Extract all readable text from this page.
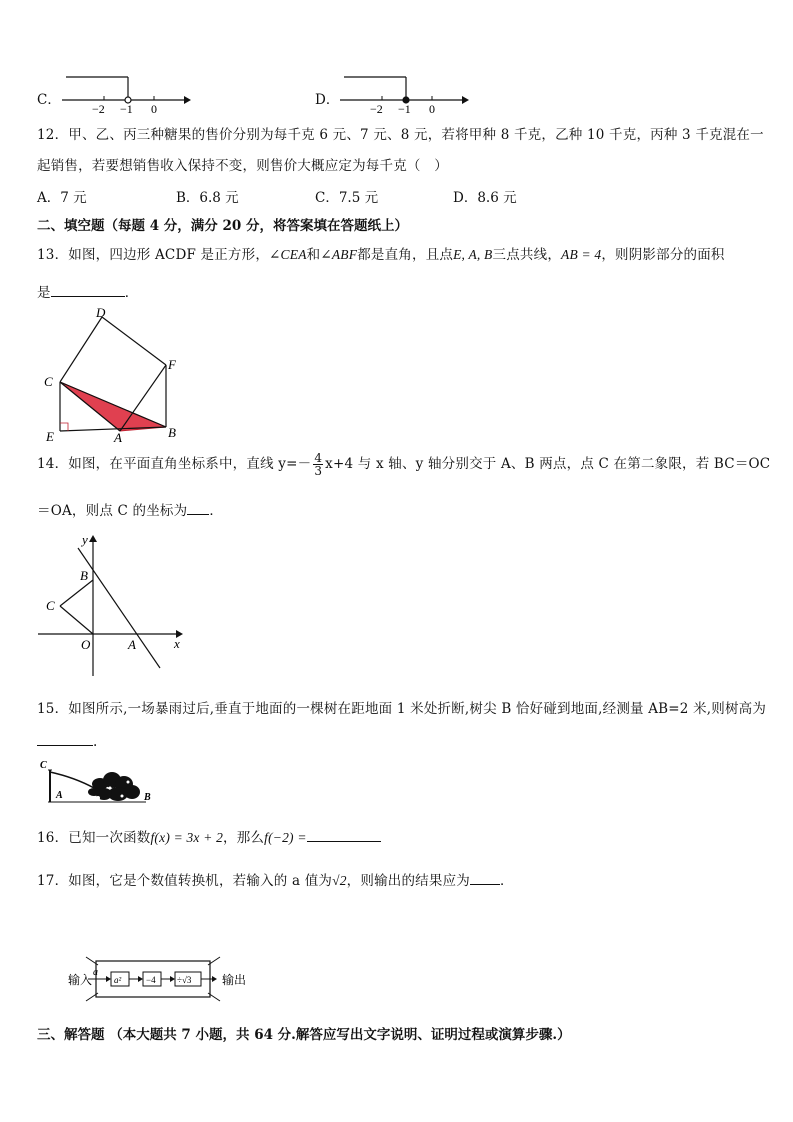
C．
−2 −1 0
D．
−2 −1 0
12．甲、乙、丙三种糖果的售价分别为每千克 6 元、7 元、8 元，若将甲种 8 千克，乙种 10 千克，丙种 3 千克混在一
起销售，若要想销售收入保持不变，则售价大概应定为每千克（　）
A．7 元	B．6.8 元	C．7.5 元	D．8.6 元
二、填空题（每题 4 分，满分 20 分，将答案填在答题纸上）
13．如图，四边形 ACDF 是正方形，∠CEA和∠ABF都是直角，且点E, A, B三点共线，AB = 4，则阴影部分的面积
是	．
D
F
C
E	A	B
14．如图，在平面直角坐标系中，直线 $y=- \frac{4}{3} x+4$ 与 x 轴、y 轴分别交于 A、B 两点，点 C 在第二象限，若 BC＝OC
＝OA，则点 C 的坐标为 ．
y
x
B
C
O	A
15．如图所示,一场暴雨过后,垂直于地面的一棵树在距地面 1 米处折断,树尖 B 恰好碰到地面,经测量 AB=2 米,则树高为
.
C
A	B
16．已知一次函数f(x) = 3x + 2，那么f(−2) =
17．如图，它是个数值转换机，若输入的 a 值为√2，则输出的结果应为 ．
输入
a
a²	−4 ÷√3	输出
三、解答题 （本大题共 7 小题，共 64 分.解答应写出文字说明、证明过程或演算步骤.）
